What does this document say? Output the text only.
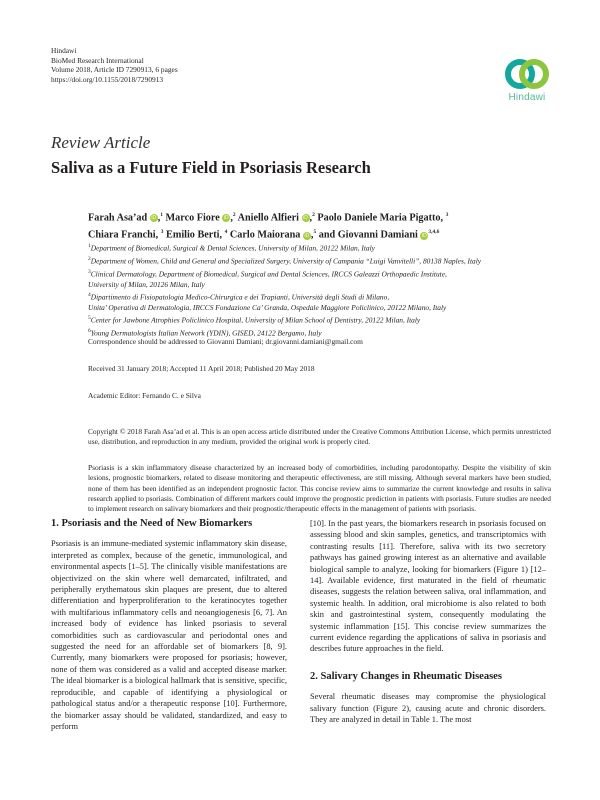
Hindawi
BioMed Research International
Volume 2018, Article ID 7290913, 6 pages
https://doi.org/10.1155/2018/7290913
Hindawi
Review Article
Saliva as a Future Field in Psoriasis Research
Farah Asa’ad iD ,$^1$ Marco Fiore iD ,$^2$ Aniello Alfieri iD ,$^2$ Paolo Daniele Maria Pigatto, $^3$
Chiara Franchi, $^3$ Emilio Berti, $^4$ Carlo Maiorana iD ,$^5$ and Giovanni Damiani iD$^{3,4,6}$
$^1$Department of Biomedical, Surgical & Dental Sciences, University of Milan, 20122 Milan, Italy
$^2$Department of Women, Child and General and Specialized Surgery, University of Campania “Luigi Vanvitelli”, 80138 Naples, Italy
$^3$Clinical Dermatology, Department of Biomedical, Surgical and Dental Sciences, IRCCS Galeazzi Orthopaedic Institute,
University of Milan, 20126 Milan, Italy
$^4$Dipartimento di Fisiopatologia Medico-Chirurgica e dei Trapianti, Università degli Studi di Milano,
Unita’ Operativa di Dermatologia, IRCCS Fondazione Ca’ Granda, Ospedale Maggiore Policlinico, 20122 Milano, Italy
$^5$Center for Jawbone Atrophies Policlinico Hospital, University of Milan School of Dentistry, 20122 Milan, Italy
$^6$Young Dermatologists Italian Network (YDIN), GISED, 24122 Bergamo, Italy
Correspondence should be addressed to Giovanni Damiani; dr.giovanni.damiani@gmail.com
Received 31 January 2018; Accepted 11 April 2018; Published 20 May 2018
Academic Editor: Fernando C. e Silva
Copyright © 2018 Farah Asa’ad et al. This is an open access article distributed under the Creative Commons Attribution License, which permits unrestricted use, distribution, and reproduction in any medium, provided the original work is properly cited.
Psoriasis is a skin inflammatory disease characterized by an increased body of comorbidities, including parodontopathy. Despite the visibility of skin lesions, prognostic biomarkers, related to disease monitoring and therapeutic effectiveness, are still missing. Although several markers have been studied, none of them has been identified as an independent prognostic factor. This concise review aims to summarize the current knowledge and results in saliva research applied to psoriasis. Combination of different markers could improve the prognostic prediction in patients with psoriasis. Future studies are needed to implement research on salivary biomarkers and their prognostic/therapeutic effects in the management of patients with psoriasis.
1. Psoriasis and the Need of New Biomarkers

Psoriasis is an immune-mediated systemic inflammatory skin disease, interpreted as complex, because of the genetic, immunological, and environmental aspects [1–5]. The clinically visible manifestations are objectivized on the skin where well demarcated, infiltrated, and peripherally erythematous skin plaques are present, due to altered differentiation and hyperproliferation to the keratinocytes together with multifarious inflammatory cells and neoangiogenesis [6, 7]. An increased body of evidence has linked psoriasis to several comorbidities such as cardiovascular and periodontal ones and suggested the need for an affordable set of biomarkers [8, 9]. Currently, many biomarkers were proposed for psoriasis; however, none of them was considered as a valid and accepted disease marker. The ideal biomarker is a biological hallmark that is sensitive, specific, reproducible, and capable of identifying a physiological or pathological status and/or a therapeutic response [10]. Furthermore, the biomarker assay should be validated, standardized, and easy to perform

[10]. In the past years, the biomarkers research in psoriasis focused on assessing blood and skin samples, genetics, and transcriptomics with contrasting results [11]. Therefore, saliva with its two secretory pathways has gained growing interest as an alternative and available biological sample to analyze, looking for biomarkers (Figure 1) [12–14]. Available evidence, first maturated in the field of rheumatic diseases, suggests the relation between saliva, oral inflammation, and systemic health. In addition, oral microbiome is also related to both skin and gastrointestinal system, consequently modulating the systemic inflammation [15]. This concise review summarizes the current evidence regarding the applications of saliva in psoriasis and describes future approaches in the field.

2. Salivary Changes in Rheumatic Diseases

Several rheumatic diseases may compromise the physiological salivary function (Figure 2), causing acute and chronic disorders. They are analyzed in detail in Table 1. The most
